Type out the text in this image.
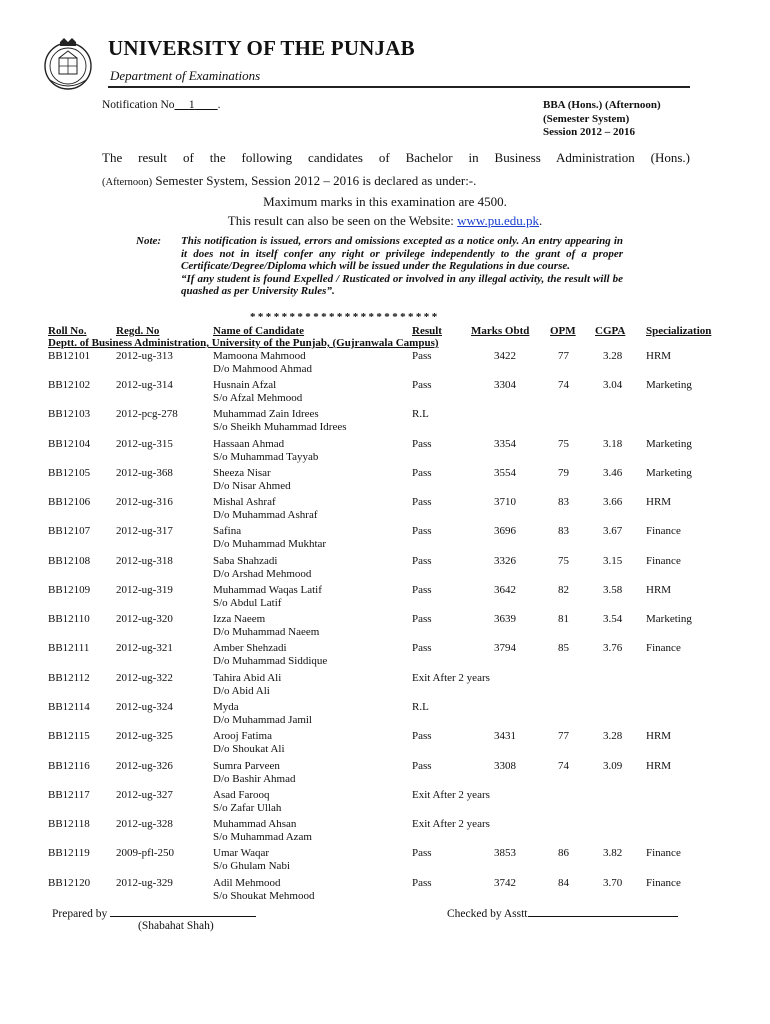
UNIVERSITY OF THE PUNJAB
Department of Examinations
Notification No 1 .	BBA (Hons.) (Afternoon)
(Semester System)
Session 2012 – 2016
The result of the following candidates of Bachelor in Business Administration (Hons.)
(Afternoon) Semester System, Session 2012 – 2016 is declared as under:-.
Maximum marks in this examination are 4500.
This result can also be seen on the Website: www.pu.edu.pk.
Note: This notification is issued, errors and omissions excepted as a notice only. An entry appearing in it does not in itself confer any right or privilege independently to the grant of a proper Certificate/Degree/Diploma which will be issued under the Regulations in due course.
“If any student is found Expelled / Rusticated or involved in any illegal activity, the result will be quashed as per University Rules”.
************************
Roll No.	Regd. No	Name of Candidate	Result	Marks Obtd OPM CGPA Specialization
Deptt. of Business Administration, University of the Punjab, (Gujranwala Campus)
BB12101 2012-ug-313	Mamoona Mahmood	Pass	3422	77	3.28 HRM
D/o Mahmood Ahmad
BB12102 2012-ug-314	Husnain Afzal	Pass	3304	74	3.04 Marketing
S/o Afzal Mehmood
BB12103 2012-pcg-278	Muhammad Zain Idrees	R.L
S/o Sheikh Muhammad Idrees
BB12104 2012-ug-315	Hassaan Ahmad	Pass	3354	75	3.18 Marketing
S/o Muhammad Tayyab
BB12105 2012-ug-368	Sheeza Nisar	Pass	3554	79	3.46 Marketing
D/o Nisar Ahmed
BB12106 2012-ug-316	Mishal Ashraf	Pass	3710	83	3.66 HRM
D/o Muhammad Ashraf
BB12107 2012-ug-317	Safina	Pass	3696	83	3.67 Finance
D/o Muhammad Mukhtar
BB12108 2012-ug-318	Saba Shahzadi	Pass	3326	75	3.15 Finance
D/o Arshad Mehmood
BB12109 2012-ug-319	Muhammad Waqas Latif	Pass	3642	82	3.58 HRM
S/o Abdul Latif
BB12110 2012-ug-320	Izza Naeem	Pass	3639	81	3.54 Marketing
D/o Muhammad Naeem
BB12111 2012-ug-321	Amber Shehzadi	Pass	3794	85	3.76 Finance
D/o Muhammad Siddique
BB12112 2012-ug-322	Tahira Abid Ali	Exit After 2 years
D/o Abid Ali
BB12114 2012-ug-324	Myda	R.L
D/o Muhammad Jamil
BB12115 2012-ug-325	Arooj Fatima	Pass	3431	77	3.28 HRM
D/o Shoukat Ali
BB12116 2012-ug-326	Sumra Parveen	Pass	3308	74	3.09 HRM
D/o Bashir Ahmad
BB12117 2012-ug-327	Asad Farooq	Exit After 2 years
S/o Zafar Ullah
BB12118 2012-ug-328	Muhammad Ahsan	Exit After 2 years
S/o Muhammad Azam
BB12119 2009-pfl-250	Umar Waqar	Pass	3853	86	3.82 Finance
S/o Ghulam Nabi
BB12120 2012-ug-329	Adil Mehmood	Pass	3742	84	3.70 Finance
S/o Shoukat Mehmood
Prepared by
(Shabahat Shah)
Checked by Asstt
